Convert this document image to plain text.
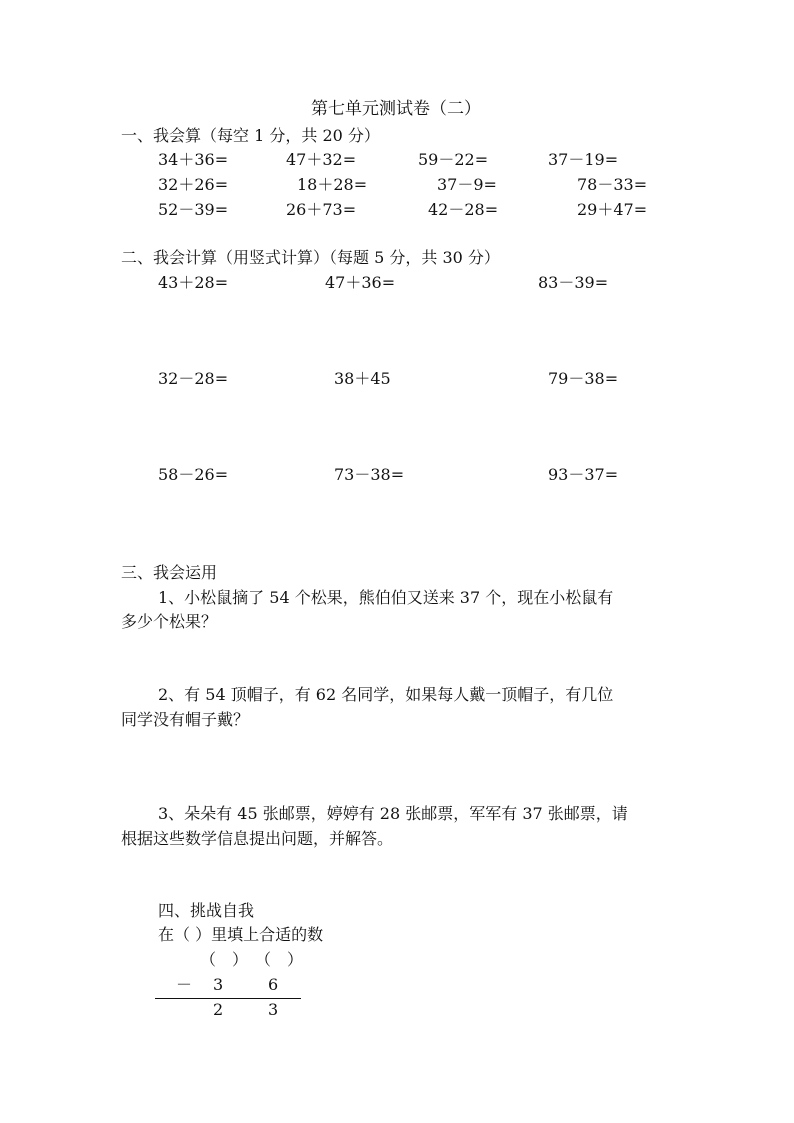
第七单元测试卷（二）
一、我会算（每空 1 分，共 20 分）
34＋36=	47＋32=	59－22=	37－19=
32＋26=	18＋28=	37－9=	78－33=
52－39=	26＋73=	42－28=	29＋47=
二、我会计算（用竖式计算）（每题 5 分，共 30 分）
43＋28=	47＋36=	83－39=
32－28=	38＋45	79－38=
58－26=	73－38=	93－37=
三、我会运用
1、小松鼠摘了 54 个松果，熊伯伯又送来 37 个，现在小松鼠有
多少个松果？
2、有 54 顶帽子，有 62 名同学，如果每人戴一顶帽子，有几位
同学没有帽子戴？
3、朵朵有 45 张邮票，婷婷有 28 张邮票，军军有 37 张邮票，请
根据这些数学信息提出问题，并解答。
四、挑战自我
在（ ）里填上合适的数
（　） （　）
－ 3	6
2	3
